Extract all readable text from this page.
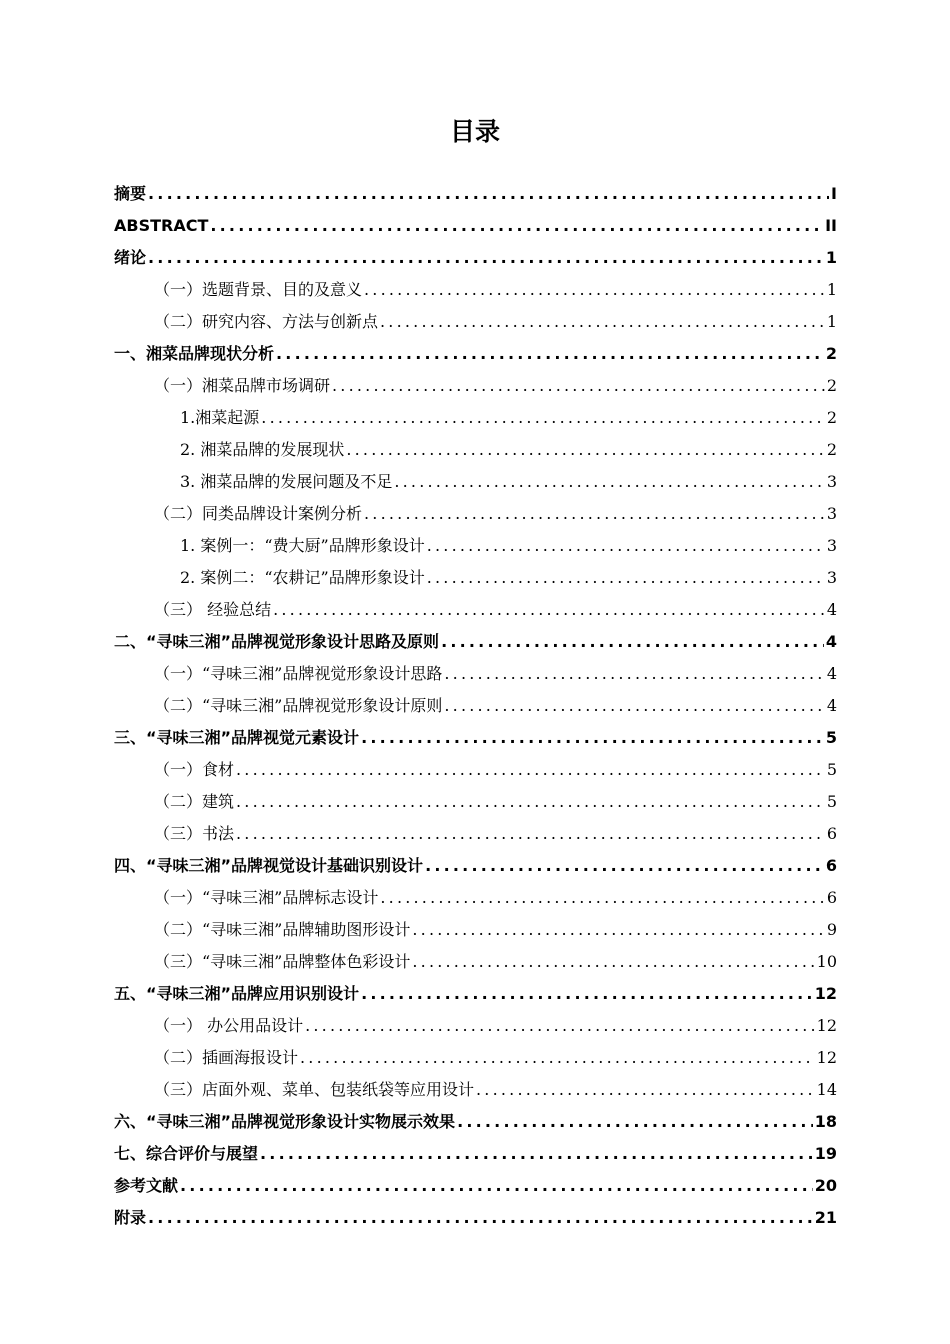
目录
摘要 .....	I
ABSTRACT .....	II
绪论 .....	1
（一）选题背景、目的及意义 .....	1
（二）研究内容、方法与创新点 .....	1
一、 湘菜品牌现状分析 .....	2
（一）湘菜品牌市场调研 .....	2
1.湘菜起源 .....	2
2. 湘菜品牌的发展现状 .....	2
3. 湘菜品牌的发展问题及不足 .....	3
（二）同类品牌设计案例分析 .....	3
1. 案例一：“费大厨”品牌形象设计 .....	3
2. 案例二：“农耕记”品牌形象设计 .....	3
（三） 经验总结 .....	4
二、 “寻味三湘”品牌视觉形象设计思路及原则 .....	4
（一）“寻味三湘”品牌视觉形象设计思路 .....	4
（二）“寻味三湘”品牌视觉形象设计原则 .....	4
三、 “寻味三湘”品牌视觉元素设计 .....	5
（一）食材 .....	5
（二）建筑 .....	5
（三）书法 .....	6
四、 “寻味三湘”品牌视觉设计基础识别设计 .....	6
（一）“寻味三湘”品牌标志设计 .....	6
（二）“寻味三湘”品牌辅助图形设计 .....	9
（三）“寻味三湘”品牌整体色彩设计 .....	10
五、 “寻味三湘”品牌应用识别设计 .....	12
（一） 办公用品设计 .....	12
（二）插画海报设计 .....	12
（三）店面外观、菜单、包装纸袋等应用设计 .....	14
六、 “寻味三湘”品牌视觉形象设计实物展示效果 .....	18
七、 综合评价与展望 .....	19
参考文献 .....	20
附录 .....	21
